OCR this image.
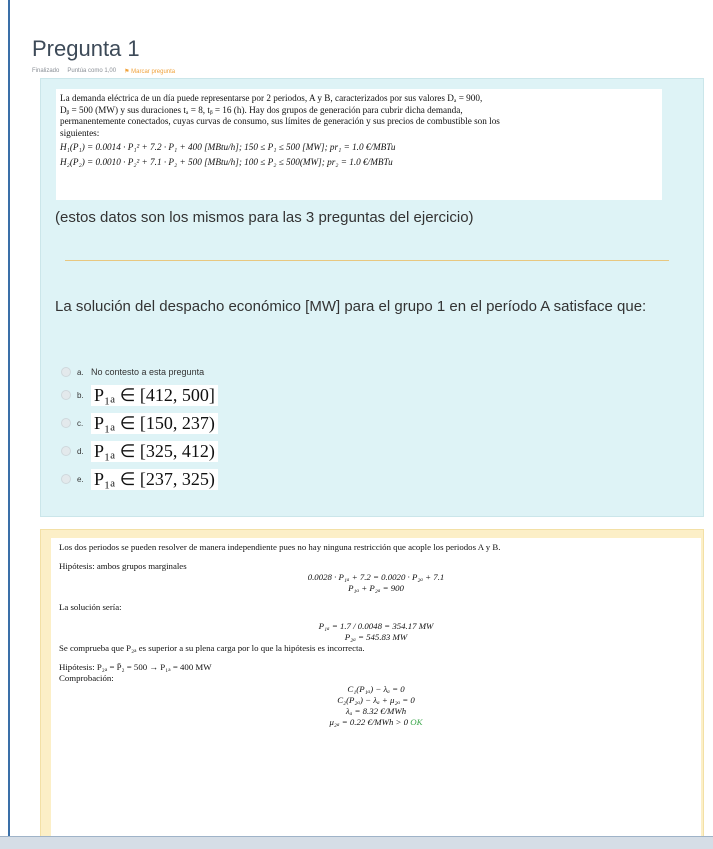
Pregunta 1
Finalizado Puntúa como 1,00 ⚑ Marcar pregunta
La demanda eléctrica de un día puede representarse por 2 periodos, A y B, caracterizados por sus valores Dₐ = 900,
Dᵦ = 500 (MW) y sus duraciones tₐ = 8, tᵦ = 16 (h). Hay dos grupos de generación para cubrir dicha demanda,
permanentemente conectados, cuyas curvas de consumo, sus límites de generación y sus precios de combustible son los
siguientes:
H₁(P₁) = 0.0014 · P₁² + 7.2 · P₁ + 400 [MBtu/h]; 150 ≤ P₁ ≤ 500 [MW]; pr₁ = 1.0 €/MBTu
H₂(P₂) = 0.0010 · P₂² + 7.1 · P₂ + 500 [MBtu/h]; 100 ≤ P₂ ≤ 500(MW]; pr₂ = 1.0 €/MBTu
(estos datos son los mismos para las 3 preguntas del ejercicio)
La solución del despacho económico [MW] para el grupo 1 en el período A satisface que:
a. No contesto a esta pregunta
b. P₁ₐ ∈ [412, 500]
c. P₁ₐ ∈ [150, 237)
d. P₁ₐ ∈ [325, 412)
e. P₁ₐ ∈ [237, 325)

Los dos periodos se pueden resolver de manera independiente pues no hay ninguna restricción que acople los periodos A y B.

Hipótesis: ambos grupos marginales

0.0028 · P₁ₐ + 7.2 = 0.0020 · P₂ₐ + 7.1

P₁ₐ + P₂ₐ = 900

La solución sería:

P₁ₐ = 1.7 / 0.0048 = 354.17 MW

P₂ₐ = 545.83 MW

Se comprueba que P₂ₐ es superior a su plena carga por lo que la hipótesis es incorrecta.

Hipótesis: P₂ₐ = P̄₂ = 500 → P₁ₐ = 400 MW

Comprobación:

C₁(P₁ₐ) − λₐ = 0

C₂(P₂ₐ) − λₐ + μ₂ₐ = 0

λₐ = 8.32 €/MWh

μ₂ₐ = 0.22 €/MWh > 0 OK
